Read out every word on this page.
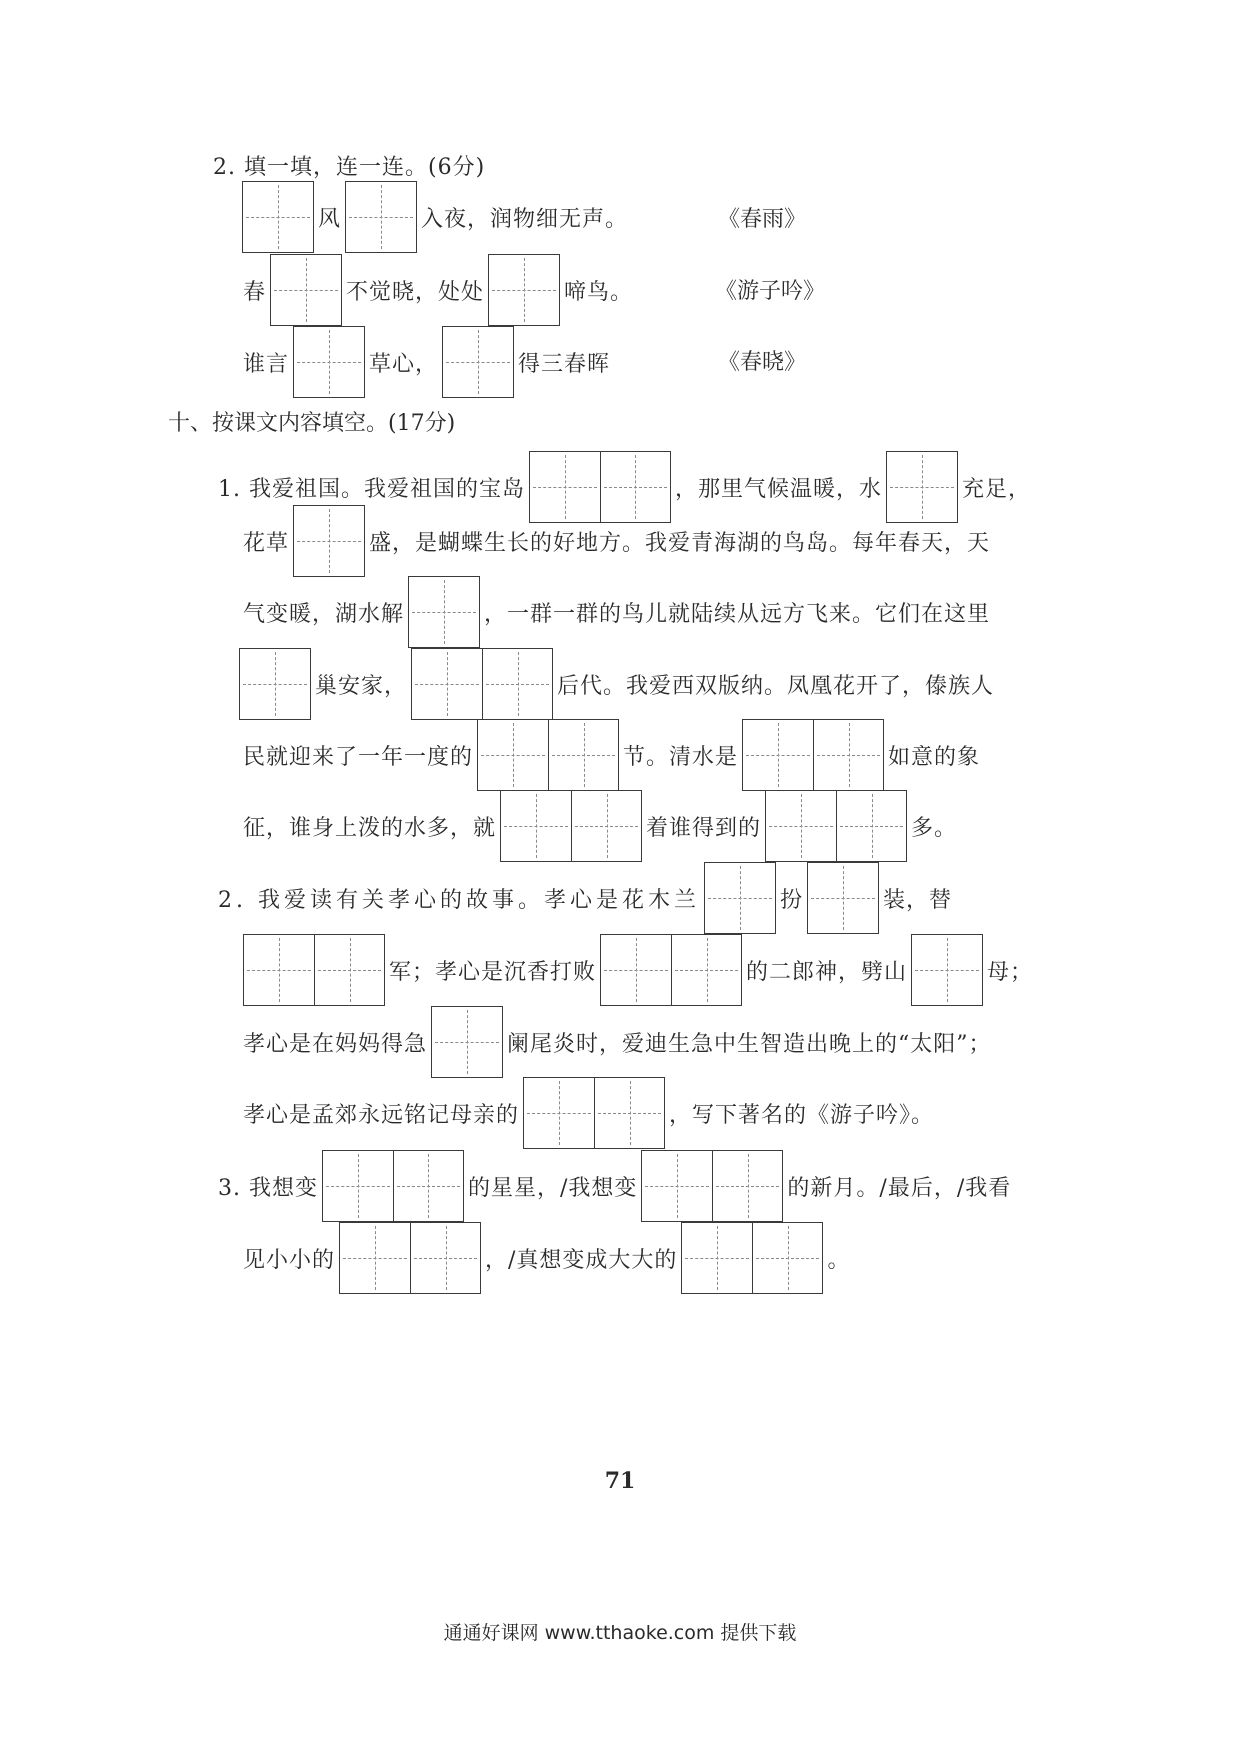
2. 填一填，连一连。(6分)
风	入夜，润物细无声。	《春雨》
春	不觉晓，处处	啼鸟。	《游子吟》
谁言	草心，	得三春晖	《春晓》
十、按课文内容填空。(17分)
1. 我爱祖国。我爱祖国的宝岛	，那里气候温暖，水	充足，
花草	盛，是蝴蝶生长的好地方。我爱青海湖的鸟岛。每年春天，天
气变暖，湖水解	，一群一群的鸟儿就陆续从远方飞来。它们在这里
巢安家，	后代。我爱西双版纳。凤凰花开了，傣族人
民就迎来了一年一度的	节。清水是	如意的象
征，谁身上泼的水多，就	着谁得到的	多。
2. 我爱读有关孝心的故事。孝心是花木兰	扮	装，替
军；孝心是沉香打败	的二郎神，劈山	母；
孝心是在妈妈得急	阑尾炎时，爱迪生急中生智造出晚上的“太阳”；
孝心是孟郊永远铭记母亲的	，写下著名的《游子吟》。
3. 我想变	的星星，/我想变	的新月。/最后，/我看
见小小的	，/真想变成大大的	。
71
通通好课网 www.tthaoke.com 提供下载
